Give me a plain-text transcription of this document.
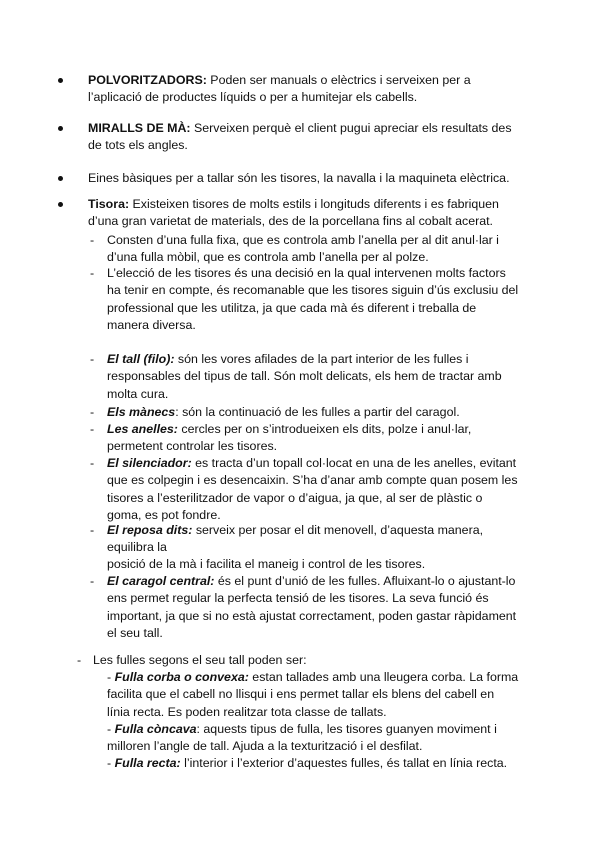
POLVORITZADORS: Poden ser manuals o elèctrics i serveixen per a l’aplicació de productes líquids o per a humitejar els cabells.
MIRALLS DE MÀ: Serveixen perquè el client pugui apreciar els resultats des de tots els angles.
Eines bàsiques per a tallar són les tisores, la navalla i la maquineta elèctrica.
Tisora: Existeixen tisores de molts estils i longituds diferents i es fabriquen d’una gran varietat de materials, des de la porcellana fins al cobalt acerat.
- Consten d’una fulla fixa, que es controla amb l’anella per al dit anul·lar i d’una fulla mòbil, que es controla amb l’anella per al polze.
- L’elecció de les tisores és una decisió en la qual intervenen molts factors ha tenir en compte, és recomanable que les tisores siguin d’ús exclusiu del professional que les utilitza, ja que cada mà és diferent i treballa de manera diversa.
- El tall (filo): són les vores afilades de la part interior de les fulles i responsables del tipus de tall. Són molt delicats, els hem de tractar amb molta cura.
- Els mànecs: són la continuació de les fulles a partir del caragol.
- Les anelles: cercles per on s’introdueixen els dits, polze i anul·lar, permetent controlar les tisores.
- El silenciador: es tracta d’un topall col·locat en una de les anelles, evitant que es colpegin i es desencaixin. S’ha d’anar amb compte quan posem les tisores a l’esterilitzador de vapor o d’aigua, ja que, al ser de plàstic o goma, es pot fondre.
- El reposa dits: serveix per posar el dit menovell, d’aquesta manera, equilibra la
posició de la mà i facilita el maneig i control de les tisores.
- El caragol central: és el punt d’unió de les fulles. Afluixant-lo o ajustant-lo ens permet regular la perfecta tensió de les tisores. La seva funció és important, ja que si no està ajustat correctament, poden gastar ràpidament el seu tall.
- Les fulles segons el seu tall poden ser:
- Fulla corba o convexa: estan tallades amb una lleugera corba. La forma facilita que el cabell no llisqui i ens permet tallar els blens del cabell en línia recta. Es poden realitzar tota classe de tallats.
- Fulla còncava: aquests tipus de fulla, les tisores guanyen moviment i milloren l’angle de tall. Ajuda a la texturització i el desfilat.
- Fulla recta: l’interior i l’exterior d’aquestes fulles, és tallat en línia recta.
